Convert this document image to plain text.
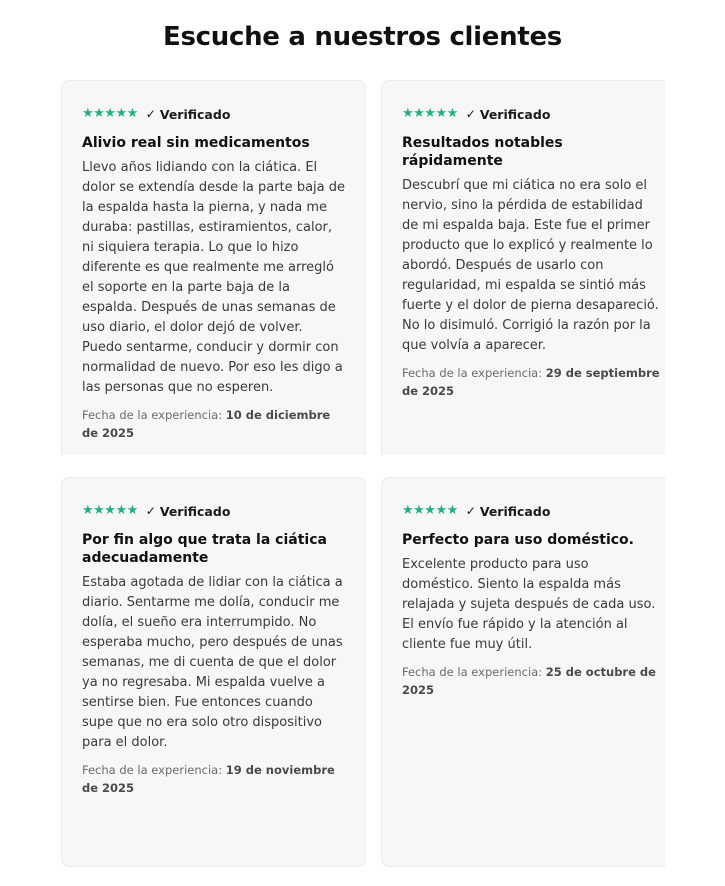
Escuche a nuestros clientes
★★★★★ ✓ Verificado
Alivio real sin medicamentos
Llevo años lidiando con la ciática. El dolor se extendía desde la parte baja de la espalda hasta la pierna, y nada me duraba: pastillas, estiramientos, calor, ni siquiera terapia. Lo que lo hizo diferente es que realmente me arregló el soporte en la parte baja de la espalda. Después de unas semanas de uso diario, el dolor dejó de volver. Puedo sentarme, conducir y dormir con normalidad de nuevo. Por eso les digo a las personas que no esperen.
Fecha de la experiencia: 10 de diciembre de 2025
★★★★★ ✓ Verificado
Resultados notables rápidamente
Descubrí que mi ciática no era solo el nervio, sino la pérdida de estabilidad de mi espalda baja. Este fue el primer producto que lo explicó y realmente lo abordó. Después de usarlo con regularidad, mi espalda se sintió más fuerte y el dolor de pierna desapareció. No lo disimuló. Corrigió la razón por la que volvía a aparecer.
Fecha de la experiencia: 29 de septiembre de 2025
★★★★★ ✓ Verificado
Por fin algo que trata la ciática adecuadamente
Estaba agotada de lidiar con la ciática a diario. Sentarme me dolía, conducir me dolía, el sueño era interrumpido. No esperaba mucho, pero después de unas semanas, me di cuenta de que el dolor ya no regresaba. Mi espalda vuelve a sentirse bien. Fue entonces cuando supe que no era solo otro dispositivo para el dolor.
Fecha de la experiencia: 19 de noviembre de 2025
★★★★★ ✓ Verificado
Perfecto para uso doméstico.
Excelente producto para uso doméstico. Siento la espalda más relajada y sujeta después de cada uso. El envío fue rápido y la atención al cliente fue muy útil.
Fecha de la experiencia: 25 de octubre de 2025
